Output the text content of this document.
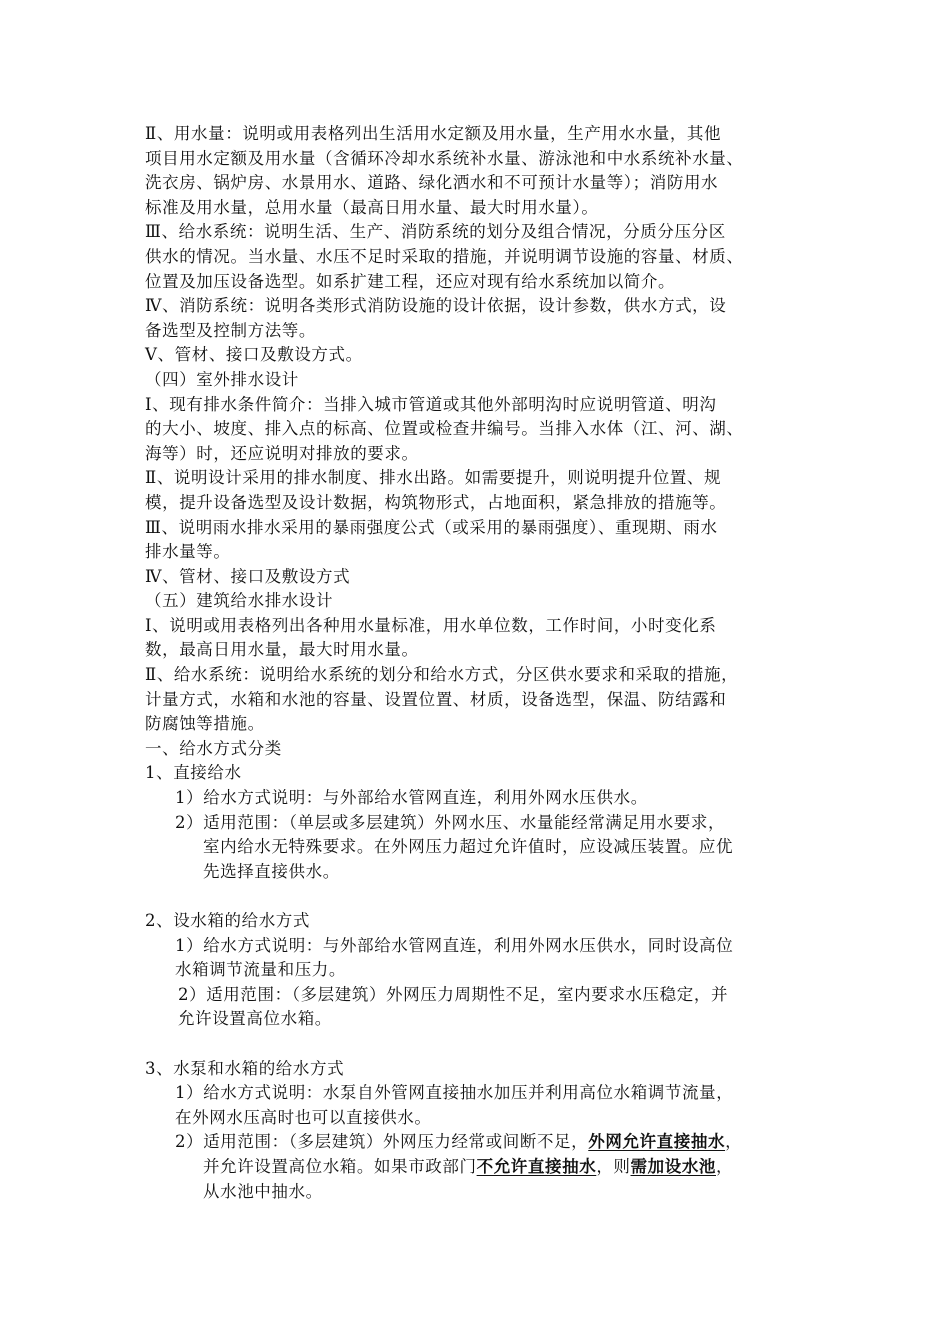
Ⅱ、用水量：说明或用表格列出生活用水定额及用水量，生产用水水量，其他
项目用水定额及用水量（含循环冷却水系统补水量、游泳池和中水系统补水量、
洗衣房、锅炉房、水景用水、道路、绿化洒水和不可预计水量等）；消防用水
标准及用水量，总用水量（最高日用水量、最大时用水量）。
Ⅲ、给水系统：说明生活、生产、消防系统的划分及组合情况，分质分压分区
供水的情况。当水量、水压不足时采取的措施，并说明调节设施的容量、材质、
位置及加压设备选型。如系扩建工程，还应对现有给水系统加以简介。
Ⅳ、消防系统：说明各类形式消防设施的设计依据，设计参数，供水方式，设
备选型及控制方法等。
Ⅴ、管材、接口及敷设方式。
（四）室外排水设计
Ⅰ、现有排水条件简介：当排入城市管道或其他外部明沟时应说明管道、明沟
的大小、坡度、排入点的标高、位置或检查井编号。当排入水体（江、河、湖、
海等）时，还应说明对排放的要求。
Ⅱ、说明设计采用的排水制度、排水出路。如需要提升，则说明提升位置、规
模，提升设备选型及设计数据，构筑物形式，占地面积，紧急排放的措施等。
Ⅲ、说明雨水排水采用的暴雨强度公式（或采用的暴雨强度）、重现期、雨水
排水量等。
Ⅳ、管材、接口及敷设方式
（五）建筑给水排水设计
Ⅰ、说明或用表格列出各种用水量标准，用水单位数，工作时间，小时变化系
数，最高日用水量，最大时用水量。
Ⅱ、给水系统：说明给水系统的划分和给水方式，分区供水要求和采取的措施，
计量方式，水箱和水池的容量、设置位置、材质，设备选型，保温、防结露和
防腐蚀等措施。
一、给水方式分类
1、直接给水
1）给水方式说明：与外部给水管网直连，利用外网水压供水。
2）适用范围：（单层或多层建筑）外网水压、水量能经常满足用水要求，
室内给水无特殊要求。在外网压力超过允许值时，应设减压装置。应优
先选择直接供水。
2、设水箱的给水方式
1）给水方式说明：与外部给水管网直连，利用外网水压供水，同时设高位
水箱调节流量和压力。
2）适用范围：（多层建筑）外网压力周期性不足，室内要求水压稳定，并
允许设置高位水箱。
3、水泵和水箱的给水方式
1）给水方式说明：水泵自外管网直接抽水加压并利用高位水箱调节流量，
在外网水压高时也可以直接供水。
2）适用范围：（多层建筑）外网压力经常或间断不足，外网允许直接抽水，
并允许设置高位水箱。如果市政部门不允许直接抽水，则需加设水池，
从水池中抽水。
